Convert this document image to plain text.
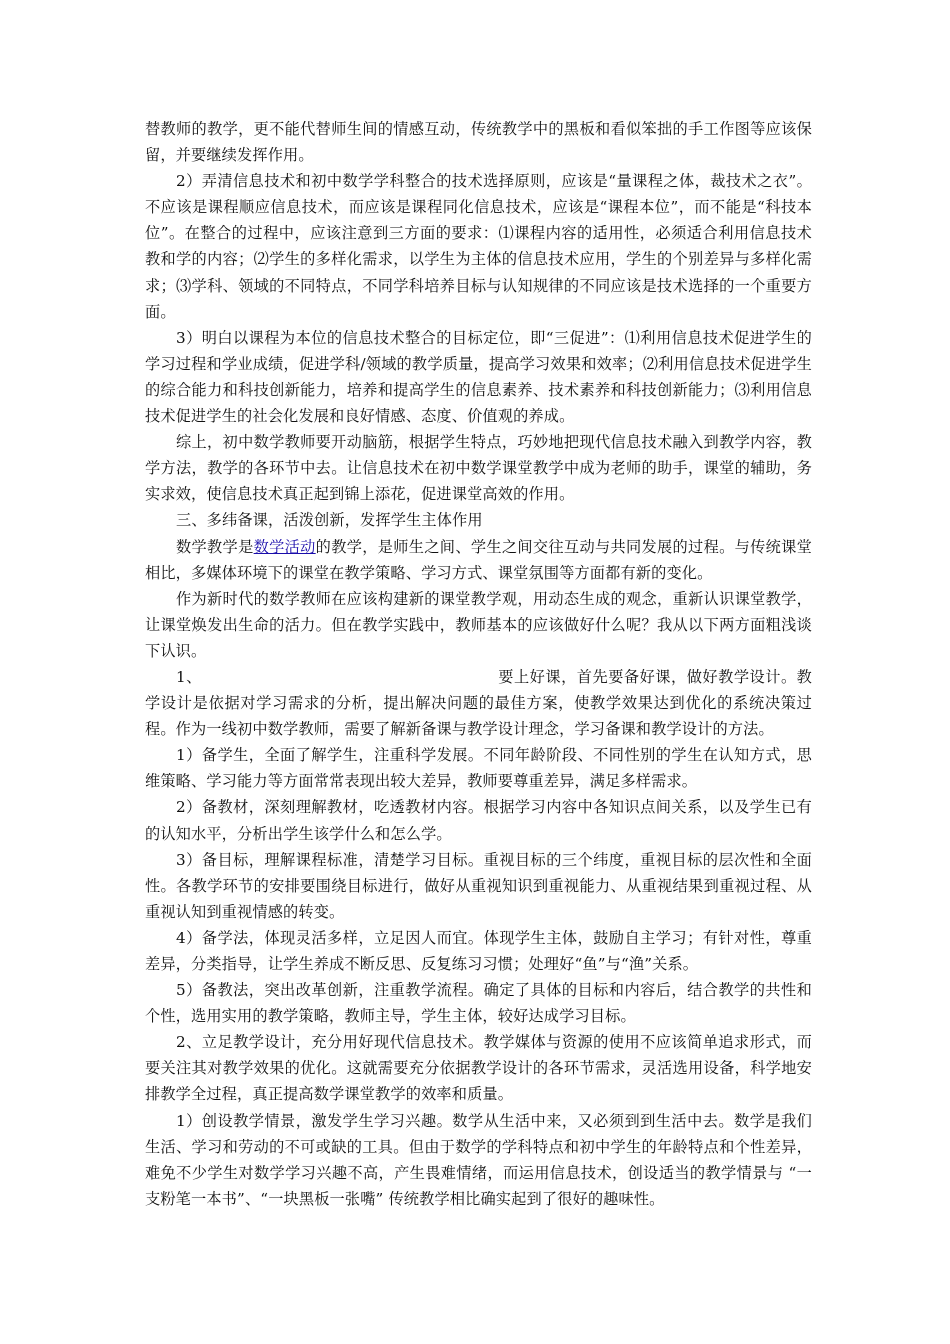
替教师的教学，更不能代替师生间的情感互动，传统教学中的黑板和看似笨拙的手工作图等应该保留，并要继续发挥作用。

2）弄清信息技术和初中数学学科整合的技术选择原则，应该是“量课程之体，裁技术之衣”。不应该是课程顺应信息技术，而应该是课程同化信息技术，应该是“课程本位”，而不能是“科技本位”。在整合的过程中，应该注意到三方面的要求：⑴课程内容的适用性，必须适合利用信息技术教和学的内容；⑵学生的多样化需求，以学生为主体的信息技术应用，学生的个别差异与多样化需求；⑶学科、领域的不同特点，不同学科培养目标与认知规律的不同应该是技术选择的一个重要方面。

3）明白以课程为本位的信息技术整合的目标定位，即“三促进”：⑴利用信息技术促进学生的学习过程和学业成绩，促进学科/领域的教学质量，提高学习效果和效率；⑵利用信息技术促进学生的综合能力和科技创新能力，培养和提高学生的信息素养、技术素养和科技创新能力；⑶利用信息技术促进学生的社会化发展和良好情感、态度、价值观的养成。

综上，初中数学教师要开动脑筋，根据学生特点，巧妙地把现代信息技术融入到教学内容，教学方法，教学的各环节中去。让信息技术在初中数学课堂教学中成为老师的助手，课堂的辅助，务实求效，使信息技术真正起到锦上添花，促进课堂高效的作用。

三、多纬备课，活泼创新，发挥学生主体作用

数学教学是数学活动的教学，是师生之间、学生之间交往互动与共同发展的过程。与传统课堂相比，多媒体环境下的课堂在教学策略、学习方式、课堂氛围等方面都有新的变化。

作为新时代的数学教师在应该构建新的课堂教学观，用动态生成的观念，重新认识课堂教学，让课堂焕发出生命的活力。但在教学实践中，教师基本的应该做好什么呢？我从以下两方面粗浅谈下认识。

1、	要上好课，首先要备好课，做好教学设计。教学设计是依据对学习需求的分析，提出解决问题的最佳方案，使教学效果达到优化的系统决策过程。作为一线初中数学教师，需要了解新备课与教学设计理念，学习备课和教学设计的方法。

1）备学生，全面了解学生，注重科学发展。不同年龄阶段、不同性别的学生在认知方式，思维策略、学习能力等方面常常表现出较大差异，教师要尊重差异，满足多样需求。

2）备教材，深刻理解教材，吃透教材内容。根据学习内容中各知识点间关系，以及学生已有的认知水平，分析出学生该学什么和怎么学。

3）备目标，理解课程标准，清楚学习目标。重视目标的三个纬度，重视目标的层次性和全面性。各教学环节的安排要围绕目标进行，做好从重视知识到重视能力、从重视结果到重视过程、从重视认知到重视情感的转变。

4）备学法，体现灵活多样，立足因人而宜。体现学生主体，鼓励自主学习；有针对性，尊重差异，分类指导，让学生养成不断反思、反复练习习惯；处理好“鱼”与“渔”关系。

5）备教法，突出改革创新，注重教学流程。确定了具体的目标和内容后，结合教学的共性和个性，选用实用的教学策略，教师主导，学生主体，较好达成学习目标。

2、立足教学设计，充分用好现代信息技术。教学媒体与资源的使用不应该简单追求形式，而要关注其对教学效果的优化。这就需要充分依据教学设计的各环节需求，灵活选用设备，科学地安排教学全过程，真正提高数学课堂教学的效率和质量。

1）创设教学情景，激发学生学习兴趣。数学从生活中来，又必须到到生活中去。数学是我们生活、学习和劳动的不可或缺的工具。但由于数学的学科特点和初中学生的年龄特点和个性差异，难免不少学生对数学学习兴趣不高，产生畏难情绪，而运用信息技术，创设适当的教学情景与 “一支粉笔一本书”、“一块黑板一张嘴” 传统教学相比确实起到了很好的趣味性。
